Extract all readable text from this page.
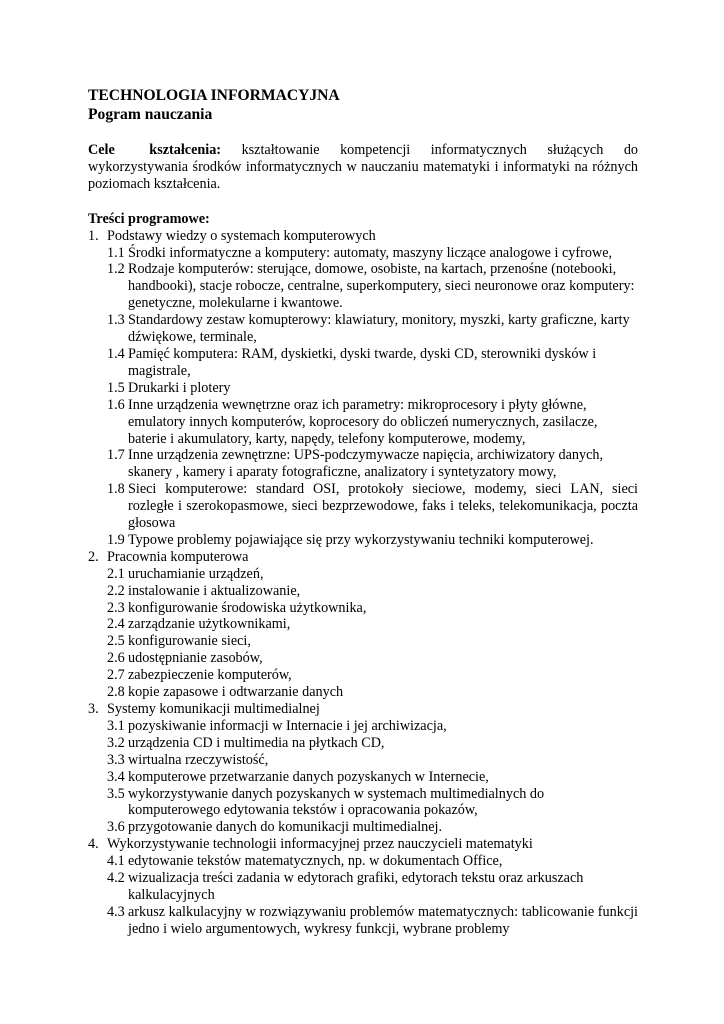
TECHNOLOGIA INFORMACYJNA
Pogram nauczania
Cele kształcenia: kształtowanie kompetencji informatycznych służących do wykorzystywania środków informatycznych w nauczaniu matematyki i informatyki na różnych poziomach kształcenia.
Treści programowe:
1. Podstawy wiedzy o systemach komputerowych
1.1 Środki informatyczne a komputery: automaty, maszyny liczące analogowe i cyfrowe,
1.2 Rodzaje komputerów: sterujące, domowe, osobiste, na kartach, przenośne (notebooki, handbooki), stacje robocze, centralne, superkomputery, sieci neuronowe oraz komputery: genetyczne, molekularne i kwantowe.
1.3 Standardowy zestaw komupterowy: klawiatury, monitory, myszki, karty graficzne, karty dźwiękowe, terminale,
1.4 Pamięć komputera: RAM, dyskietki, dyski twarde, dyski CD, sterowniki dysków i magistrale,
1.5 Drukarki i plotery
1.6 Inne urządzenia wewnętrzne oraz ich parametry: mikroprocesory i płyty główne, emulatory innych komputerów, koprocesory do obliczeń numerycznych, zasilacze, baterie i akumulatory, karty, napędy, telefony komputerowe, modemy,
1.7 Inne urządzenia zewnętrzne: UPS-podczymywacze napięcia, archiwizatory danych, skanery , kamery i aparaty fotograficzne, analizatory i syntetyzatory mowy,
1.8 Sieci komputerowe: standard OSI, protokoły sieciowe, modemy, sieci LAN, sieci rozległe i szerokopasmowe, sieci bezprzewodowe, faks i teleks, telekomunikacja, poczta głosowa
1.9 Typowe problemy pojawiające się przy wykorzystywaniu techniki komputerowej.
2. Pracownia komputerowa
2.1 uruchamianie urządzeń,
2.2 instalowanie i aktualizowanie,
2.3 konfigurowanie środowiska użytkownika,
2.4 zarządzanie użytkownikami,
2.5 konfigurowanie sieci,
2.6 udostępnianie zasobów,
2.7 zabezpieczenie komputerów,
2.8 kopie zapasowe i odtwarzanie danych
3. Systemy komunikacji multimedialnej
3.1 pozyskiwanie informacji w Internacie i jej archiwizacja,
3.2 urządzenia CD i multimedia na płytkach CD,
3.3 wirtualna rzeczywistość,
3.4 komputerowe przetwarzanie danych pozyskanych w Internecie,
3.5 wykorzystywanie danych pozyskanych w systemach multimedialnych do komputerowego edytowania tekstów i opracowania pokazów,
3.6 przygotowanie danych do komunikacji multimedialnej.
4. Wykorzystywanie technologii informacyjnej przez nauczycieli matematyki
4.1 edytowanie tekstów matematycznych, np. w dokumentach Office,
4.2 wizualizacja treści zadania w edytorach grafiki, edytorach tekstu oraz arkuszach kalkulacyjnych
4.3 arkusz kalkulacyjny w rozwiązywaniu problemów matematycznych: tablicowanie funkcji jedno i wielo argumentowych, wykresy funkcji, wybrane problemy
